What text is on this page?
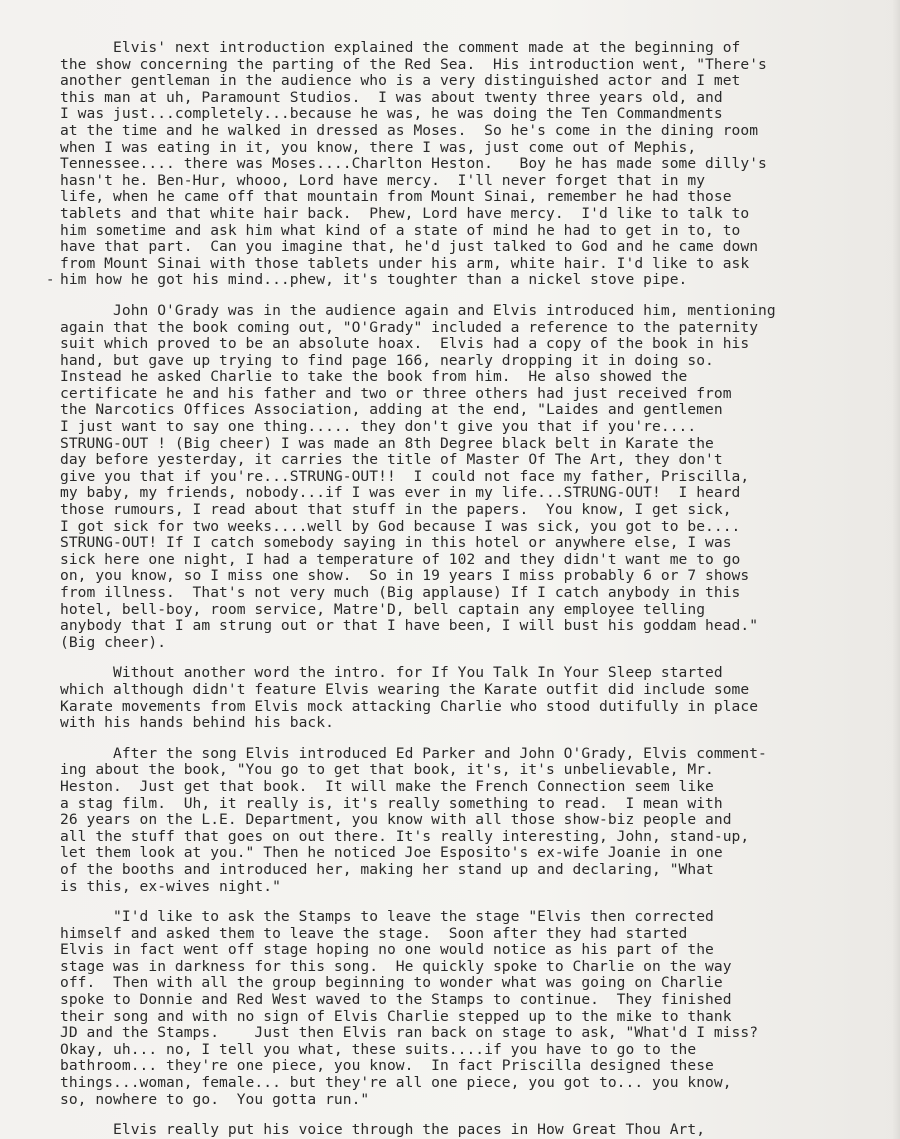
-
Elvis' next introduction explained the comment made at the beginning of
the show concerning the parting of the Red Sea.  His introduction went, "There's
another gentleman in the audience who is a very distinguished actor and I met
this man at uh, Paramount Studios.  I was about twenty three years old, and
I was just...completely...because he was, he was doing the Ten Commandments
at the time and he walked in dressed as Moses.  So he's come in the dining room
when I was eating in it, you know, there I was, just come out of Mephis,
Tennessee.... there was Moses....Charlton Heston.   Boy he has made some dilly's
hasn't he. Ben-Hur, whooo, Lord have mercy.  I'll never forget that in my
life, when he came off that mountain from Mount Sinai, remember he had those
tablets and that white hair back.  Phew, Lord have mercy.  I'd like to talk to
him sometime and ask him what kind of a state of mind he had to get in to, to
have that part.  Can you imagine that, he'd just talked to God and he came down
from Mount Sinai with those tablets under his arm, white hair. I'd like to ask
him how he got his mind...phew, it's toughter than a nickel stove pipe.
John O'Grady was in the audience again and Elvis introduced him, mentioning
again that the book coming out, "O'Grady" included a reference to the paternity
suit which proved to be an absolute hoax.  Elvis had a copy of the book in his
hand, but gave up trying to find page 166, nearly dropping it in doing so.
Instead he asked Charlie to take the book from him.  He also showed the
certificate he and his father and two or three others had just received from
the Narcotics Offices Association, adding at the end, "Laides and gentlemen
I just want to say one thing..... they don't give you that if you're....
STRUNG-OUT ! (Big cheer) I was made an 8th Degree black belt in Karate the
day before yesterday, it carries the title of Master Of The Art, they don't
give you that if you're...STRUNG-OUT!!  I could not face my father, Priscilla,
my baby, my friends, nobody...if I was ever in my life...STRUNG-OUT!  I heard
those rumours, I read about that stuff in the papers.  You know, I get sick,
I got sick for two weeks....well by God because I was sick, you got to be....
STRUNG-OUT! If I catch somebody saying in this hotel or anywhere else, I was
sick here one night, I had a temperature of 102 and they didn't want me to go
on, you know, so I miss one show.  So in 19 years I miss probably 6 or 7 shows
from illness.  That's not very much (Big applause) If I catch anybody in this
hotel, bell-boy, room service, Matre'D, bell captain any employee telling
anybody that I am strung out or that I have been, I will bust his goddam head."
(Big cheer).
Without another word the intro. for If You Talk In Your Sleep started
which although didn't feature Elvis wearing the Karate outfit did include some
Karate movements from Elvis mock attacking Charlie who stood dutifully in place
with his hands behind his back.
After the song Elvis introduced Ed Parker and John O'Grady, Elvis comment-
ing about the book, "You go to get that book, it's, it's unbelievable, Mr.
Heston.  Just get that book.  It will make the French Connection seem like
a stag film.  Uh, it really is, it's really something to read.  I mean with
26 years on the L.E. Department, you know with all those show-biz people and
all the stuff that goes on out there. It's really interesting, John, stand-up,
let them look at you." Then he noticed Joe Esposito's ex-wife Joanie in one
of the booths and introduced her, making her stand up and declaring, "What
is this, ex-wives night."
"I'd like to ask the Stamps to leave the stage "Elvis then corrected
himself and asked them to leave the stage.  Soon after they had started
Elvis in fact went off stage hoping no one would notice as his part of the
stage was in darkness for this song.  He quickly spoke to Charlie on the way
off.  Then with all the group beginning to wonder what was going on Charlie
spoke to Donnie and Red West waved to the Stamps to continue.  They finished
their song and with no sign of Elvis Charlie stepped up to the mike to thank
JD and the Stamps.    Just then Elvis ran back on stage to ask, "What'd I miss?
Okay, uh... no, I tell you what, these suits....if you have to go to the
bathroom... they're one piece, you know.  In fact Priscilla designed these
things...woman, female... but they're all one piece, you got to... you know,
so, nowhere to go.  You gotta run."
Elvis really put his voice through the paces in How Great Thou Art,
